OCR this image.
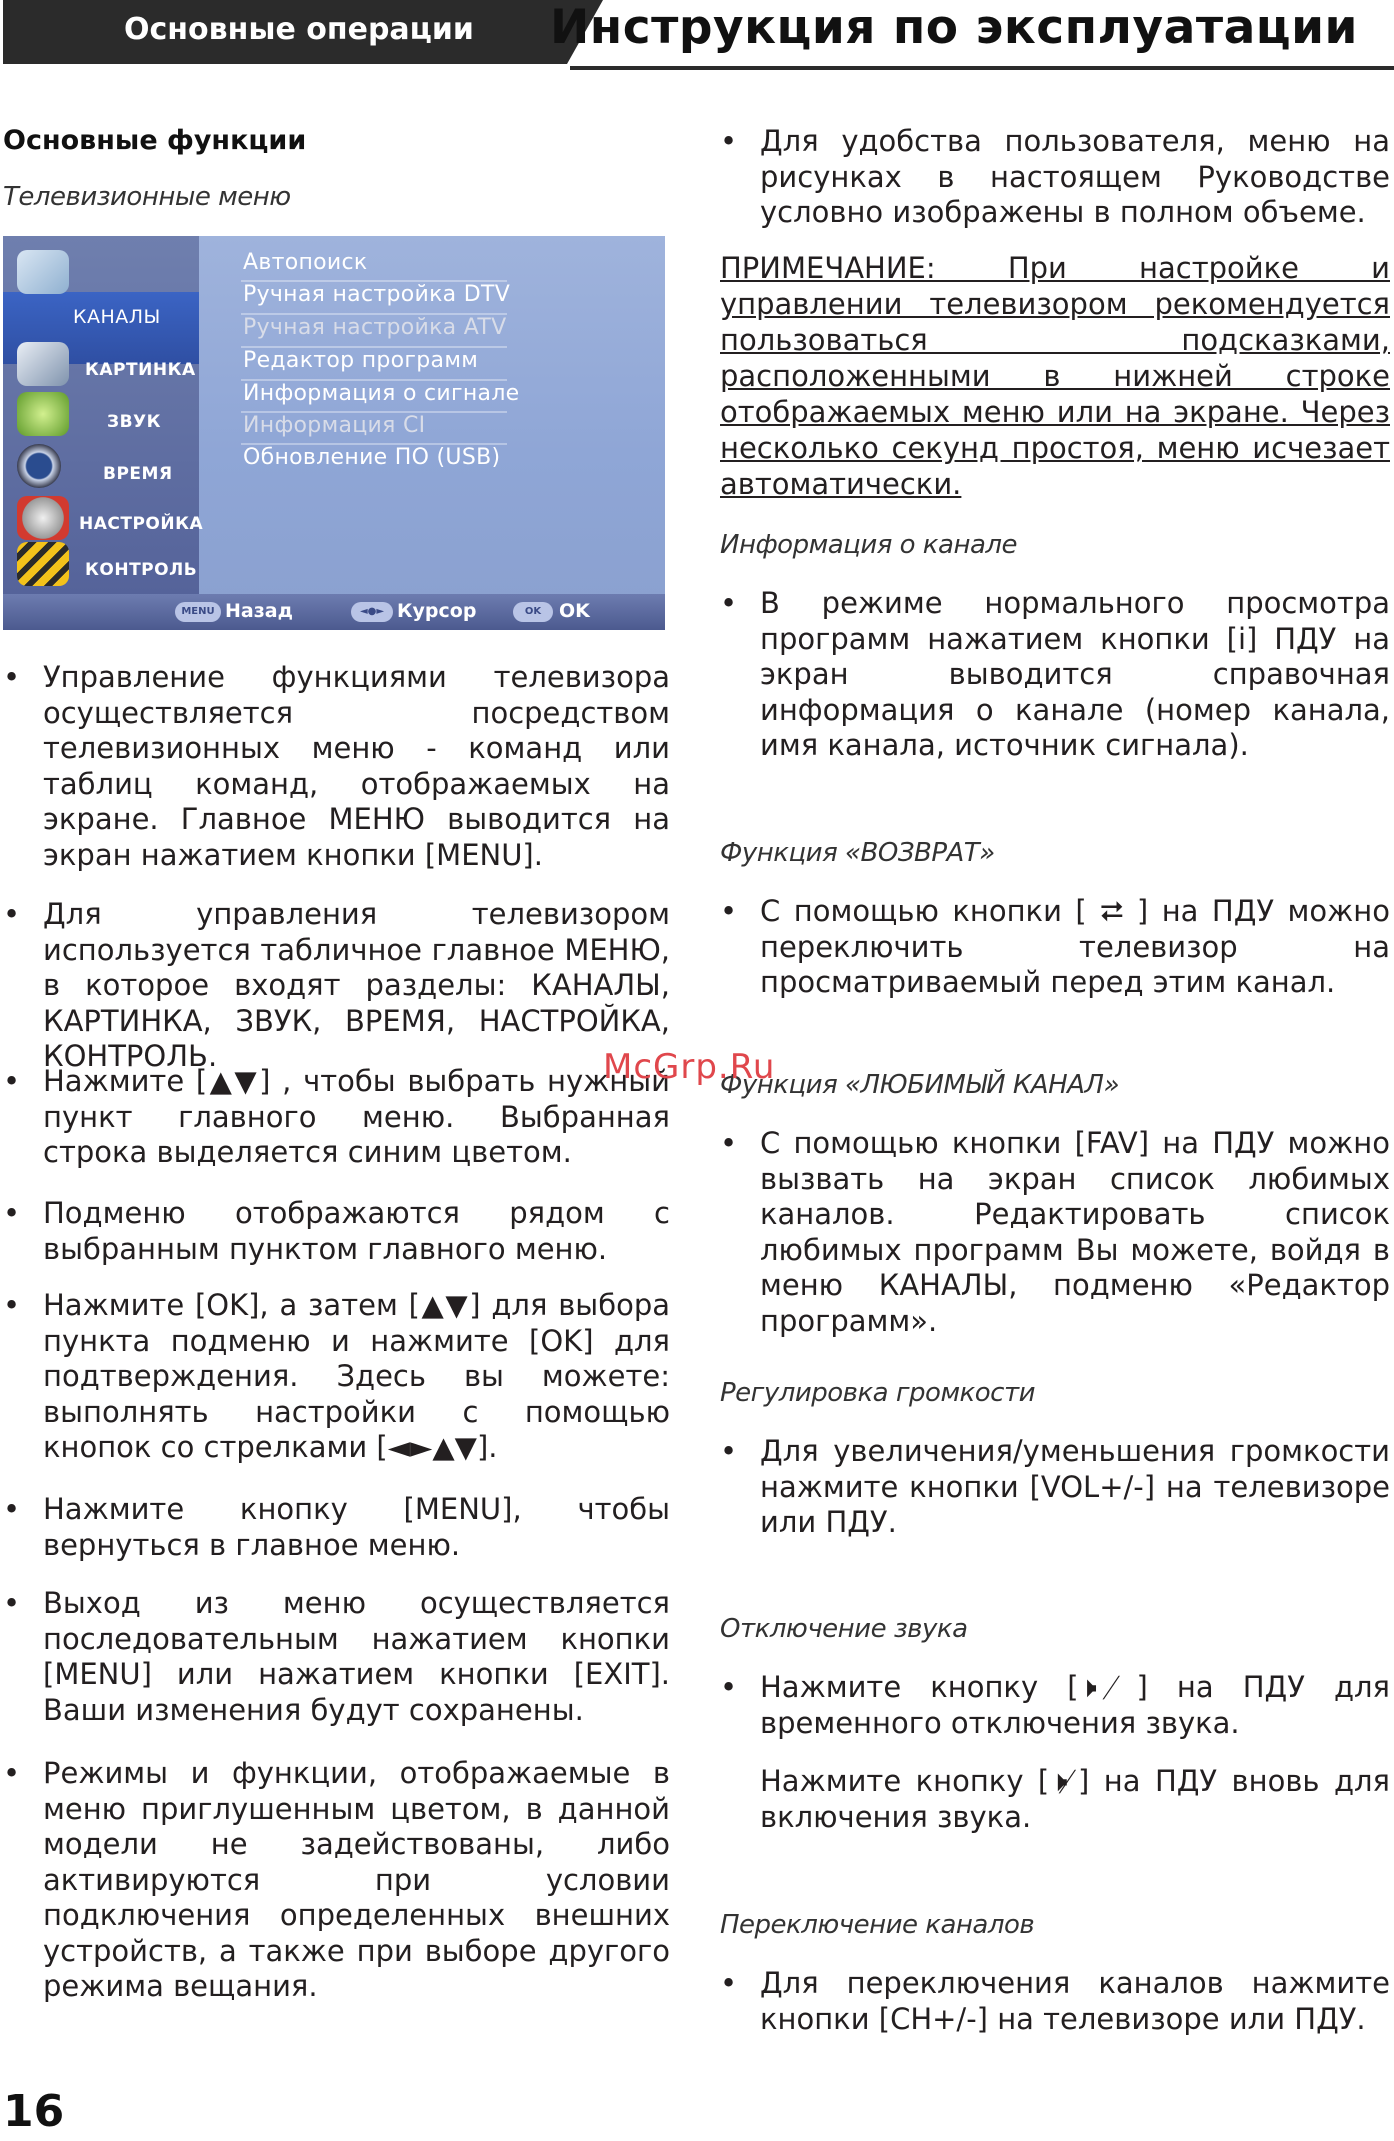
Основные операции Инструкция по эксплуатации
Основные функции
Телевизионные меню
КАНАЛЫ
КАРТИНКА
ЗВУК
ВРЕМЯ
НАСТРОЙКА
КОНТРОЛЬ
Автопоиск
Ручная настройка DTV
Ручная настройка ATV
Редактор программ
Информация о сигнале
Информация CI
Обновление ПО (USB)
MENU Назад	◄●► Курсор	OK OK
• Управление функциями телевизора осуществляется посредством телевизионных меню - команд или таблиц команд, отображаемых на экране. Главное МЕНЮ выводится на экран нажатием кнопки [MENU].
• Для управления телевизором используется табличное главное МЕНЮ, в которое входят разделы: КАНАЛЫ, КАРТИНКА, ЗВУК, ВРЕМЯ, НАСТРОЙКА, КОНТРОЛЬ.
• Нажмите [▲▼] , чтобы выбрать нужный пункт главного меню. Выбранная строка выделяется синим цветом.
• Подменю отображаются рядом с выбранным пунктом главного меню.
• Нажмите [OK], а затем [▲▼] для выбора пункта подменю и нажмите [OK] для подтверждения. Здесь вы можете: выполнять настройки с помощью кнопок со стрелками [◄►▲▼].
• Нажмите кнопку [MENU], чтобы вернуться в главное меню.
• Выход из меню осуществляется последовательным нажатием кнопки [MENU] или нажатием кнопки [EXIT]. Ваши изменения будут сохранены.
• Режимы и функции, отображаемые в меню приглушенным цветом, в данной модели не задействованы, либо активируются при условии подключения определенных внешних устройств, а также при выборе другого режима вещания.
• Для удобства пользователя, меню на рисунках в настоящем Руководстве условно изображены в полном объеме.
ПРИМЕЧАНИЕ: При настройке и управлении телевизором рекомендуется пользоваться подсказками, расположенными в нижней строке отображаемых меню или на экране. Через несколько секунд простоя, меню исчезает автоматически.
Информация о канале
• В режиме нормального просмотра программ нажатием кнопки [i] ПДУ на экран выводится справочная информация о канале (номер канала, имя канала, источник сигнала).
Функция «ВОЗВРАТ»
• С помощью кнопки [ ⮂ ] на ПДУ можно переключить телевизор на просматриваемый перед этим канал.
Функция «ЛЮБИМЫЙ КАНАЛ»
• С помощью кнопки [FAV] на ПДУ можно вызвать на экран список любимых каналов. Редактировать список любимых программ Вы можете, войдя в меню КАНАЛЫ, подменю «Редактор программ».
Регулировка громкости
• Для увеличения/уменьшения громкости нажмите кнопки [VOL+/-] на телевизоре или ПДУ.
Отключение звука
• Нажмите кнопку [🕨̸] на ПДУ для временного отключения звука.
Нажмите кнопку [🕨̸] на ПДУ вновь для включения звука.
Переключение каналов
• Для переключения каналов нажмите кнопки [CH+/-] на телевизоре или ПДУ.
McGrp.Ru
16
